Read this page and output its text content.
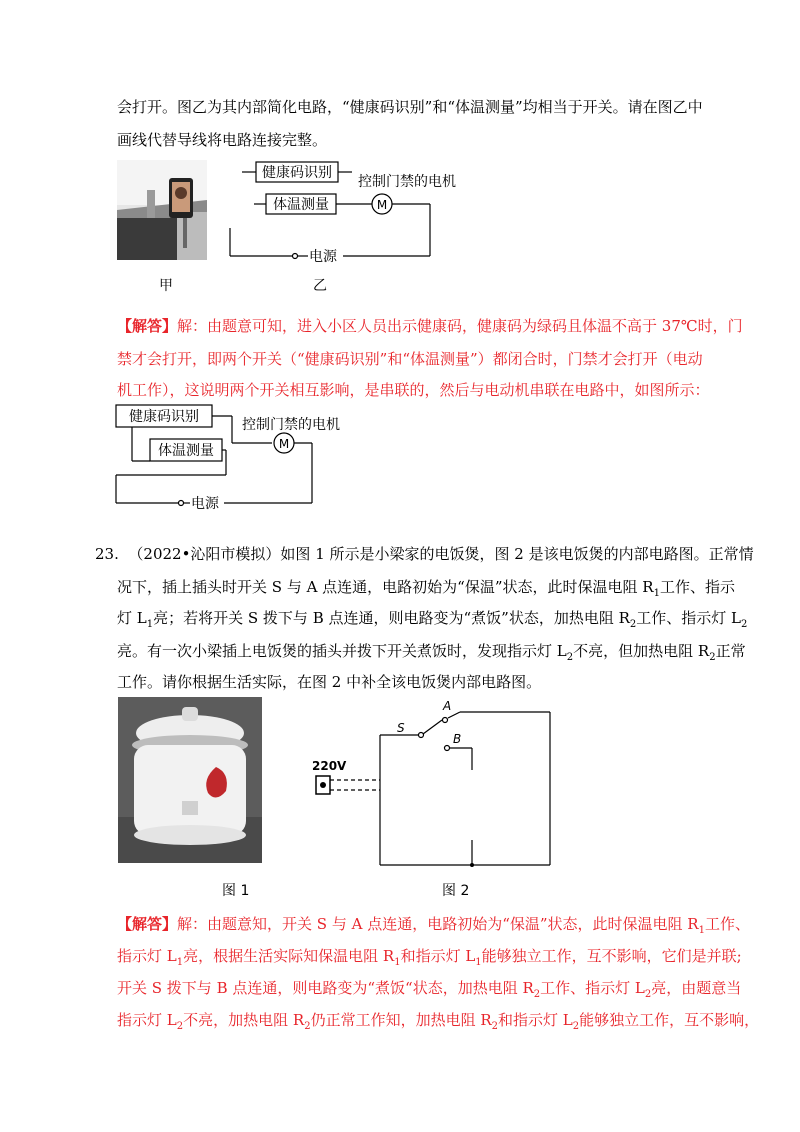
会打开。图乙为其内部简化电路，“健康码识别”和“体温测量”均相当于开关。请在图乙中
画线代替导线将电路连接完整。
健康码识别
体温测量	M
控制门禁的电机
电源
甲	乙
【解答】解：由题意可知，进入小区人员出示健康码，健康码为绿码且体温不高于 37℃时，门
禁才会打开，即两个开关（“健康码识别”和“体温测量”）都闭合时，门禁才会打开（电动
机工作），这说明两个开关相互影响，是串联的，然后与电动机串联在电路中，如图所示：
健康码识别
体温测量	M
控制门禁的电机
电源
23. （2022•沁阳市模拟）如图 1 所示是小梁家的电饭煲，图 2 是该电饭煲的内部电路图。正常情
况下，插上插头时开关 S 与 A 点连通，电路初始为“保温”状态，此时保温电阻 $R_1$工作、指示
灯 $L_1$亮；若将开关 S 拨下与 B 点连通，则电路变为“煮饭”状态，加热电阻 $R_2$工作、指示灯 $L_2$
亮。有一次小梁插上电饭煲的插头并拨下开关煮饭时，发现指示灯 $L_2$不亮，但加热电阻 $R_2$正常
工作。请你根据生活实际，在图 2 中补全该电饭煲内部电路图。
220V
S
A
B
图 1	图 2
【解答】解：由题意知，开关 S 与 A 点连通，电路初始为“保温”状态，此时保温电阻 $R_1$工作、
指示灯 $L_1$亮，根据生活实际知保温电阻 $R_1$和指示灯 $L_1$能够独立工作，互不影响，它们是并联;
开关 S 拨下与 B 点连通，则电路变为“煮饭“状态，加热电阻 $R_2$工作、指示灯 $L_2$亮，由题意当
指示灯 $L_2$不亮，加热电阻 $R_2$仍正常工作知，加热电阻 $R_2$和指示灯 $L_2$能够独立工作，互不影响，
